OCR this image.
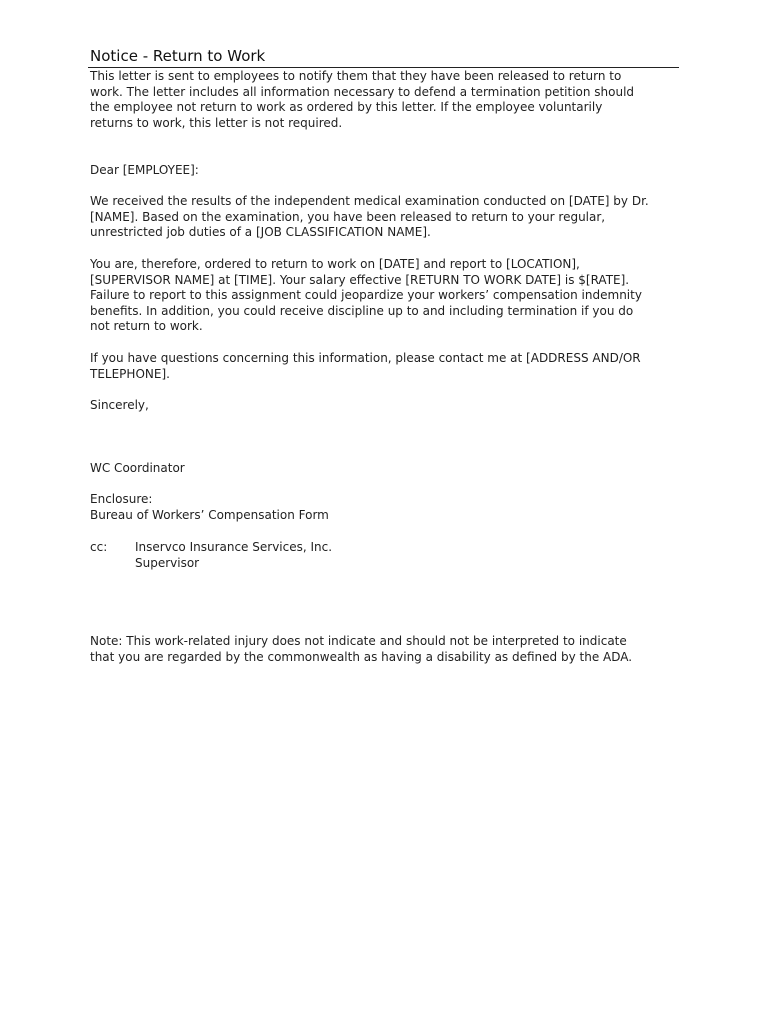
Notice - Return to Work

This letter is sent to employees to notify them that they have been released to return to
work. The letter includes all information necessary to defend a termination petition should
the employee not return to work as ordered by this letter. If the employee voluntarily
returns to work, this letter is not required.

Dear [EMPLOYEE]:

We received the results of the independent medical examination conducted on [DATE] by Dr.
[NAME]. Based on the examination, you have been released to return to your regular,
unrestricted job duties of a [JOB CLASSIFICATION NAME].

You are, therefore, ordered to return to work on [DATE] and report to [LOCATION],
[SUPERVISOR NAME] at [TIME]. Your salary effective [RETURN TO WORK DATE] is $[RATE].
Failure to report to this assignment could jeopardize your workers’ compensation indemnity
benefits. In addition, you could receive discipline up to and including termination if you do
not return to work.

If you have questions concerning this information, please contact me at [ADDRESS AND/OR
TELEPHONE].

Sincerely,

WC Coordinator

Enclosure:
Bureau of Workers’ Compensation Form

cc: Inservco Insurance Services, Inc.
Supervisor

Note: This work-related injury does not indicate and should not be interpreted to indicate
that you are regarded by the commonwealth as having a disability as defined by the ADA.
